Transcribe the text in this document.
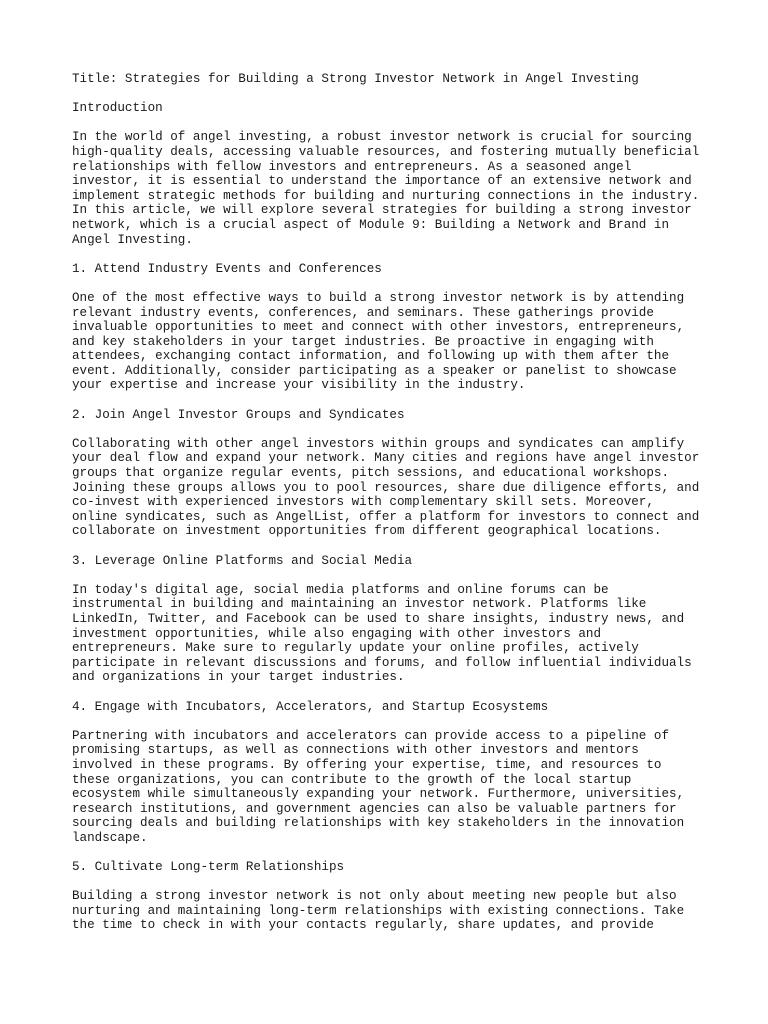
Title: Strategies for Building a Strong Investor Network in Angel Investing
Introduction
In the world of angel investing, a robust investor network is crucial for sourcing
high-quality deals, accessing valuable resources, and fostering mutually beneficial
relationships with fellow investors and entrepreneurs. As a seasoned angel
investor, it is essential to understand the importance of an extensive network and
implement strategic methods for building and nurturing connections in the industry.
In this article, we will explore several strategies for building a strong investor
network, which is a crucial aspect of Module 9: Building a Network and Brand in
Angel Investing.
1. Attend Industry Events and Conferences
One of the most effective ways to build a strong investor network is by attending
relevant industry events, conferences, and seminars. These gatherings provide
invaluable opportunities to meet and connect with other investors, entrepreneurs,
and key stakeholders in your target industries. Be proactive in engaging with
attendees, exchanging contact information, and following up with them after the
event. Additionally, consider participating as a speaker or panelist to showcase
your expertise and increase your visibility in the industry.
2. Join Angel Investor Groups and Syndicates
Collaborating with other angel investors within groups and syndicates can amplify
your deal flow and expand your network. Many cities and regions have angel investor
groups that organize regular events, pitch sessions, and educational workshops.
Joining these groups allows you to pool resources, share due diligence efforts, and
co-invest with experienced investors with complementary skill sets. Moreover,
online syndicates, such as AngelList, offer a platform for investors to connect and
collaborate on investment opportunities from different geographical locations.
3. Leverage Online Platforms and Social Media
In today's digital age, social media platforms and online forums can be
instrumental in building and maintaining an investor network. Platforms like
LinkedIn, Twitter, and Facebook can be used to share insights, industry news, and
investment opportunities, while also engaging with other investors and
entrepreneurs. Make sure to regularly update your online profiles, actively
participate in relevant discussions and forums, and follow influential individuals
and organizations in your target industries.
4. Engage with Incubators, Accelerators, and Startup Ecosystems
Partnering with incubators and accelerators can provide access to a pipeline of
promising startups, as well as connections with other investors and mentors
involved in these programs. By offering your expertise, time, and resources to
these organizations, you can contribute to the growth of the local startup
ecosystem while simultaneously expanding your network. Furthermore, universities,
research institutions, and government agencies can also be valuable partners for
sourcing deals and building relationships with key stakeholders in the innovation
landscape.
5. Cultivate Long-term Relationships
Building a strong investor network is not only about meeting new people but also
nurturing and maintaining long-term relationships with existing connections. Take
the time to check in with your contacts regularly, share updates, and provide
